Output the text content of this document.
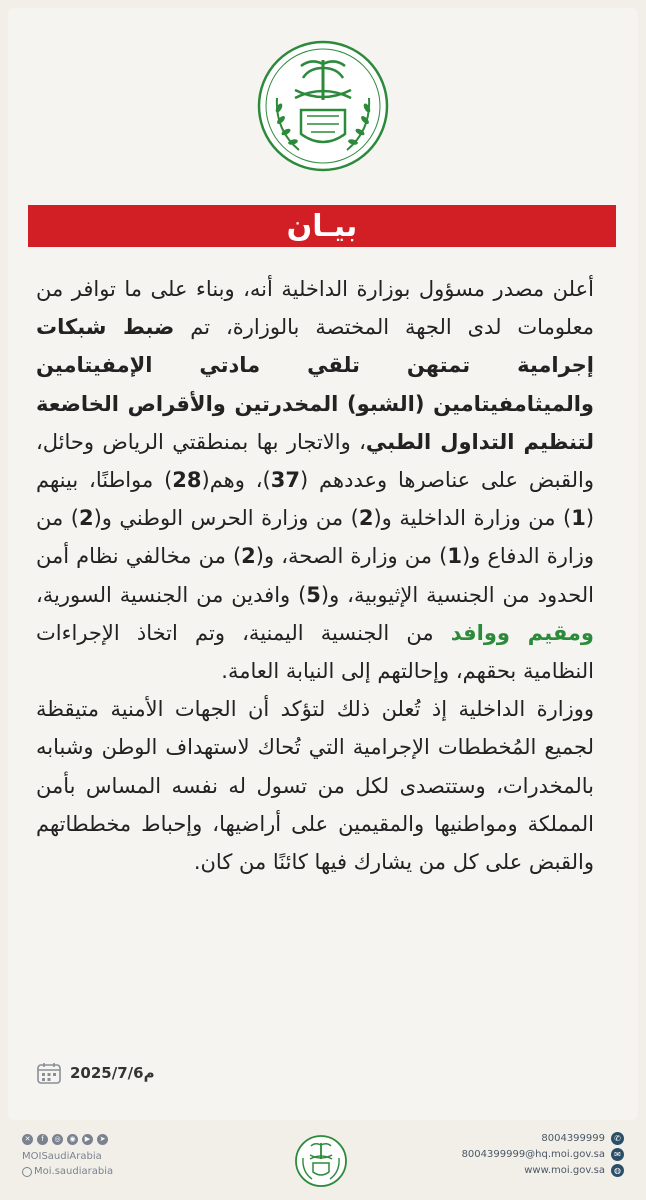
بيـان

أعلن مصدر مسؤول بوزارة الداخلية أنه، وبناء على ما توافر من معلومات لدى الجهة المختصة بالوزارة، تم ضبط شبكات إجرامية تمتهن تلقي مادتي الإمفيتامين والميثامفيتامين (الشبو) المخدرتين والأقراص الخاضعة لتنظيم التداول الطبي، والاتجار بها بمنطقتي الرياض وحائل، والقبض على عناصرها وعددهم (37)، وهم(28) مواطنًا، بينهم (1) من وزارة الداخلية و(2) من وزارة الحرس الوطني و(2) من وزارة الدفاع و(1) من وزارة الصحة، و(2) من مخالفي نظام أمن الحدود من الجنسية الإثيوبية، و(5) وافدين من الجنسية السورية، ومقيم ووافد من الجنسية اليمنية، وتم اتخاذ الإجراءات النظامية بحقهم، وإحالتهم إلى النيابة العامة.

ووزارة الداخلية إذ تُعلن ذلك لتؤكد أن الجهات الأمنية متيقظة لجميع المُخططات الإجرامية التي تُحاك لاستهداف الوطن وشبابه بالمخدرات، وستتصدى لكل من تسول له نفسه المساس بأمن المملكة ومواطنيها والمقيمين على أراضيها، وإحباط مخططاتهم والقبض على كل من يشارك فيها كائنًا من كان.

2025/7/6م
✕	f	◎	◉	▶	➤
MOISaudiArabia
Moi.saudiarabia
8004399999	✆
8004399999@hq.moi.gov.sa	✉
www.moi.gov.sa	◍
